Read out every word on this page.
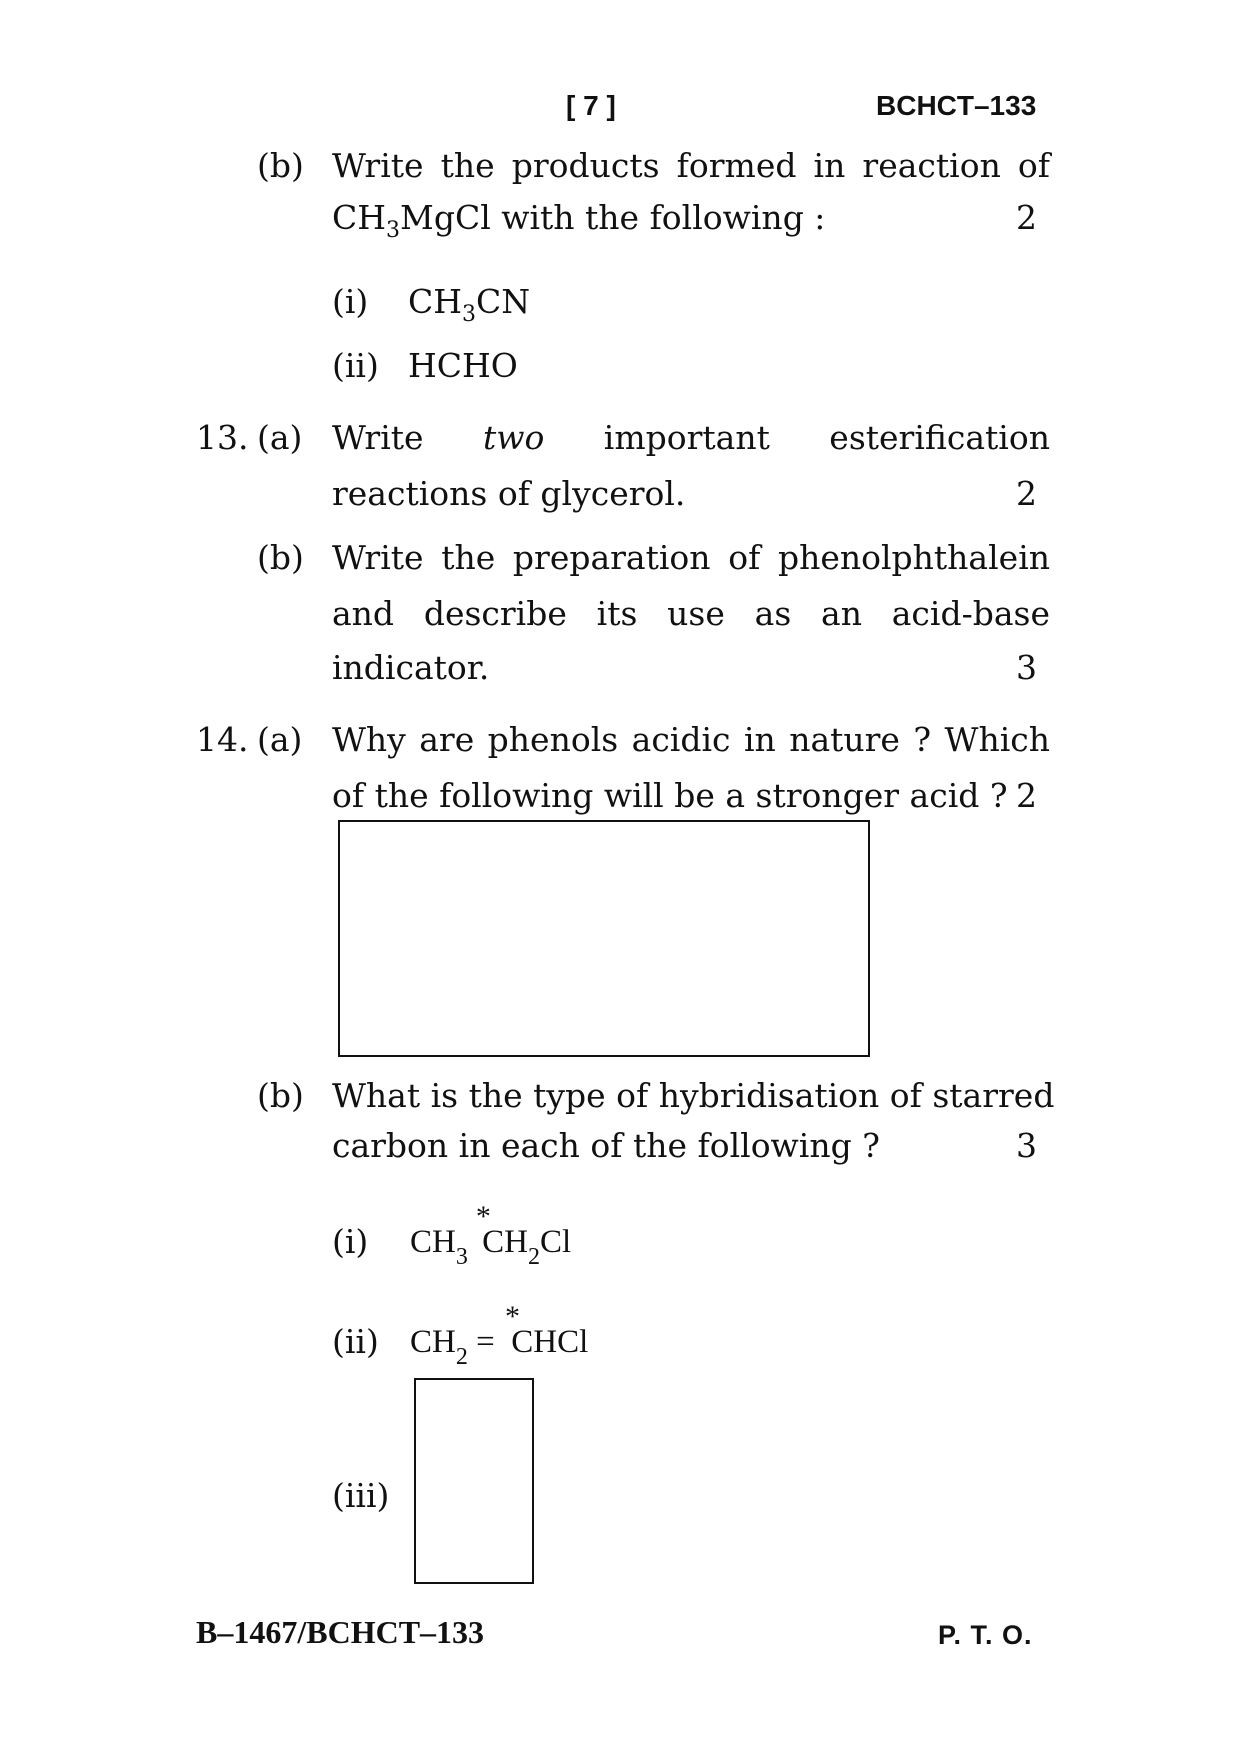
[ 7 ]	BCHCT–133
(b) Write the products formed in reaction of
$CH_3MgCl$ with the following :	2
(i) $CH_3CN$
(ii) HCHO
13. (a) Write two important esterification
reactions of glycerol.	2
(b) Write the preparation of phenolphthalein
and describe its use as an acid-base
indicator.	3
14. (a) Why are phenols acidic in nature ? Which
of the following will be a stronger acid ? 2
(b) What is the type of hybridisation of starred
carbon in each of the following ?	3
(i) $CH_3$
*
$CH_2Cl$
(ii) $CH_2$ =
*
CHCl
(iii)
B–1467/BCHCT–133	P. T. O.
